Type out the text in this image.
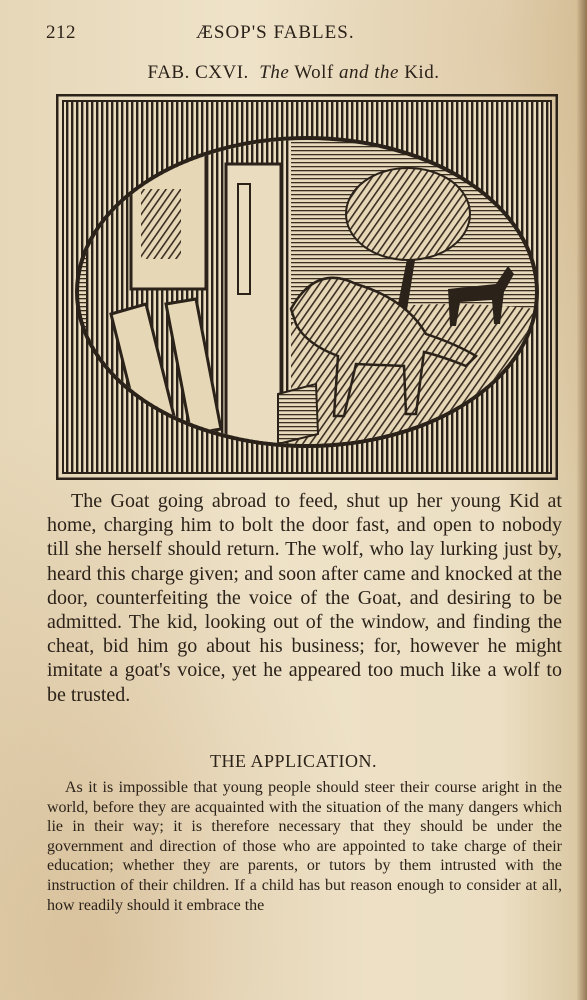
212	ÆSOP'S FABLES.
FAB. CXVI. The Wolf and the Kid.

The Goat going abroad to feed, shut up her young Kid at home, charging him to bolt the door fast, and open to nobody till she herself should return. The wolf, who lay lurking just by, heard this charge given; and soon after came and knocked at the door, counterfeiting the voice of the Goat, and desiring to be admitted. The kid, looking out of the window, and finding the cheat, bid him go about his business; for, however he might imitate a goat's voice, yet he appeared too much like a wolf to be trusted.

THE APPLICATION.

As it is impossible that young people should steer their course aright in the world, before they are acquainted with the situation of the many dangers which lie in their way; it is therefore necessary that they should be under the government and direction of those who are appointed to take charge of their education; whether they are parents, or tutors by them intrusted with the instruction of their children. If a child has but reason enough to consider at all, how readily should it embrace the
